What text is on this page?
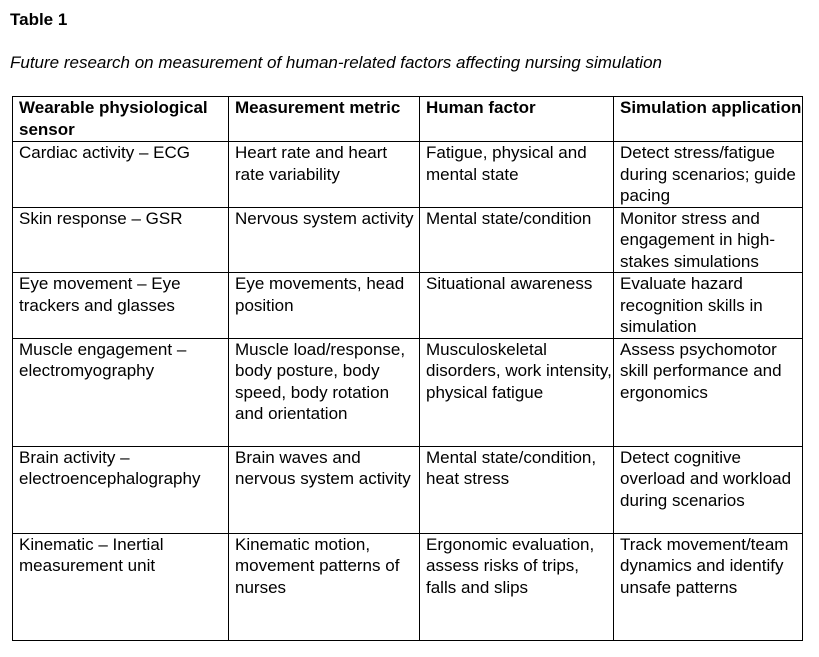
Table 1
Future research on measurement of human-related factors affecting nursing simulation
Wearable physiological sensor	Measurement metric	Human factor	Simulation application
Cardiac activity – ECG	Heart rate and heart rate variability	Fatigue, physical and mental state	Detect stress/fatigue during scenarios; guide pacing
Skin response – GSR	Nervous system activity	Mental state/condition	Monitor stress and engagement in high-stakes simulations
Eye movement – Eye trackers and glasses	Eye movements, head position	Situational awareness	Evaluate hazard recognition skills in simulation
Muscle engagement – electromyography	Muscle load/response, body posture, body speed, body rotation and orientation	Musculoskeletal disorders, work intensity, physical fatigue	Assess psychomotor skill performance and ergonomics
Brain activity – electroencephalography	Brain waves and nervous system activity	Mental state/condition, heat stress	Detect cognitive overload and workload during scenarios
Kinematic – Inertial measurement unit	Kinematic motion, movement patterns of nurses	Ergonomic evaluation, assess risks of trips, falls and slips	Track movement/team dynamics and identify unsafe patterns
